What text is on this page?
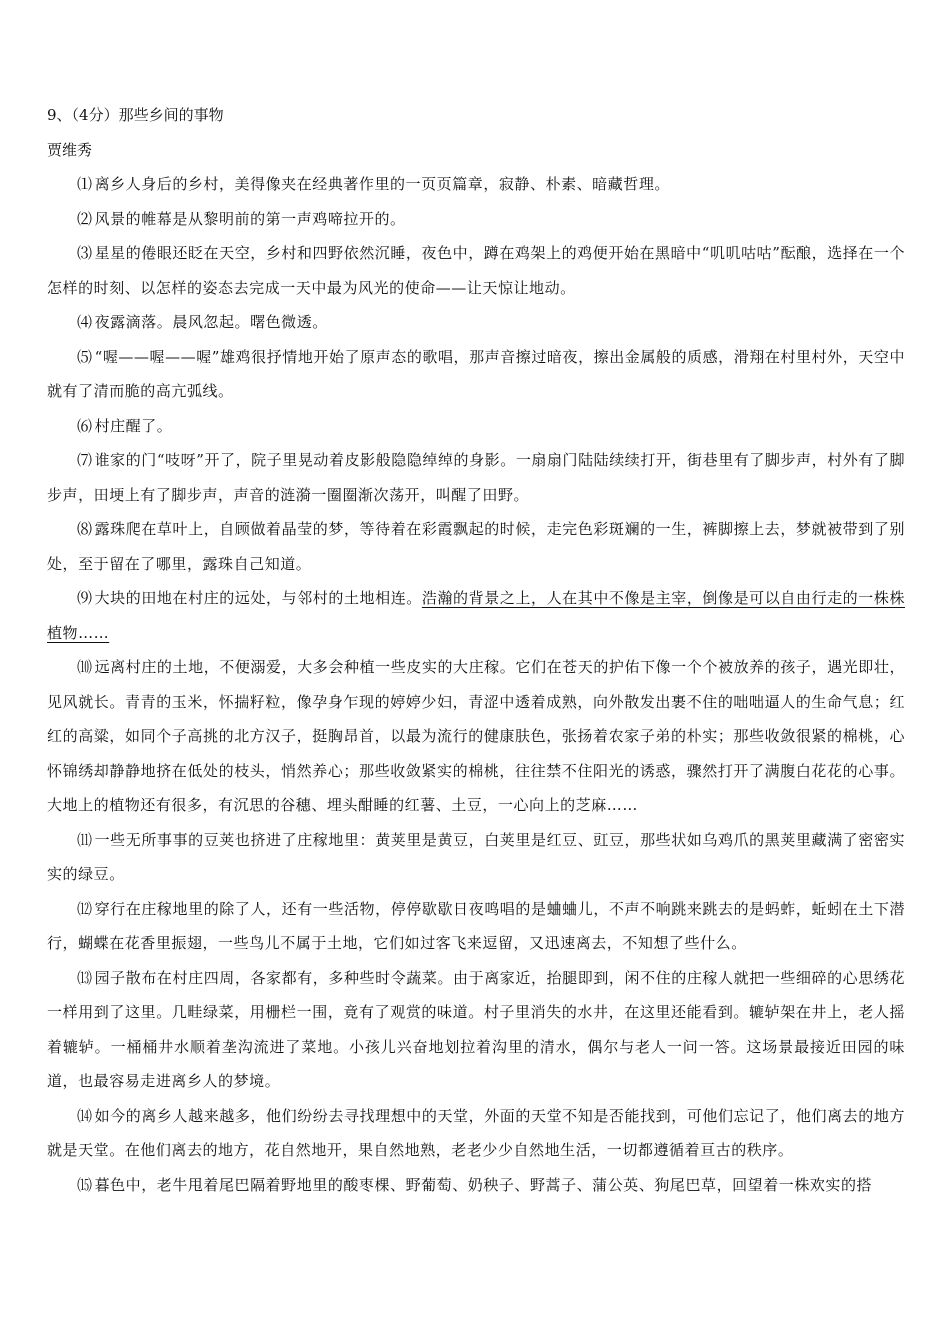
9、（4分）那些乡间的事物
贾维秀

⑴ 离乡人身后的乡村，美得像夹在经典著作里的一页页篇章，寂静、朴素、暗藏哲理。

⑵ 风景的帷幕是从黎明前的第一声鸡啼拉开的。

⑶ 星星的倦眼还眨在天空，乡村和四野依然沉睡，夜色中，蹲在鸡架上的鸡便开始在黑暗中“叽叽咕咕”酝酿，选择在一个怎样的时刻、以怎样的姿态去完成一天中最为风光的使命——让天惊让地动。

⑷ 夜露滴落。晨风忽起。曙色微透。

⑸ “喔——喔——喔”雄鸡很抒情地开始了原声态的歌唱，那声音擦过暗夜，擦出金属般的质感，滑翔在村里村外，天空中就有了清而脆的高亢弧线。

⑹ 村庄醒了。

⑺ 谁家的门“吱呀”开了，院子里晃动着皮影般隐隐绰绰的身影。一扇扇门陆陆续续打开，街巷里有了脚步声，村外有了脚步声，田埂上有了脚步声，声音的涟漪一圈圈渐次荡开，叫醒了田野。

⑻ 露珠爬在草叶上，自顾做着晶莹的梦，等待着在彩霞飘起的时候，走完色彩斑斓的一生，裤脚擦上去，梦就被带到了别处，至于留在了哪里，露珠自己知道。

⑼ 大块的田地在村庄的远处，与邻村的土地相连。浩瀚的背景之上，人在其中不像是主宰，倒像是可以自由行走的一株株植物……

⑽ 远离村庄的土地，不便溺爱，大多会种植一些皮实的大庄稼。它们在苍天的护佑下像一个个被放养的孩子，遇光即壮，见风就长。青青的玉米，怀揣籽粒，像孕身乍现的婷婷少妇，青涩中透着成熟，向外散发出裹不住的咄咄逼人的生命气息；红红的高粱，如同个子高挑的北方汉子，挺胸昂首，以最为流行的健康肤色，张扬着农家子弟的朴实；那些收敛很紧的棉桃，心怀锦绣却静静地挤在低处的枝头，悄然养心；那些收敛紧实的棉桃，往往禁不住阳光的诱惑，骤然打开了满腹白花花的心事。大地上的植物还有很多，有沉思的谷穗、埋头酣睡的红薯、土豆，一心向上的芝麻……

⑾ 一些无所事事的豆荚也挤进了庄稼地里：黄荚里是黄豆，白荚里是红豆、豇豆，那些状如乌鸡爪的黑荚里藏满了密密实实的绿豆。

⑿ 穿行在庄稼地里的除了人，还有一些活物，停停歇歇日夜鸣唱的是蛐蛐儿，不声不响跳来跳去的是蚂蚱，蚯蚓在土下潜行，蝴蝶在花香里振翅，一些鸟儿不属于土地，它们如过客飞来逗留，又迅速离去，不知想了些什么。

⒀ 园子散布在村庄四周，各家都有，多种些时令蔬菜。由于离家近，抬腿即到，闲不住的庄稼人就把一些细碎的心思绣花一样用到了这里。几畦绿菜，用栅栏一围，竟有了观赏的味道。村子里消失的水井，在这里还能看到。辘轳架在井上，老人摇着辘轳。一桶桶井水顺着垄沟流进了菜地。小孩儿兴奋地划拉着沟里的清水，偶尔与老人一问一答。这场景最接近田园的味道，也最容易走进离乡人的梦境。

⒁ 如今的离乡人越来越多，他们纷纷去寻找理想中的天堂，外面的天堂不知是否能找到，可他们忘记了，他们离去的地方就是天堂。在他们离去的地方，花自然地开，果自然地熟，老老少少自然地生活，一切都遵循着亘古的秩序。

⒂ 暮色中，老牛甩着尾巴隔着野地里的酸枣棵、野葡萄、奶秧子、野蒿子、蒲公英、狗尾巴草，回望着一株欢实的搭
